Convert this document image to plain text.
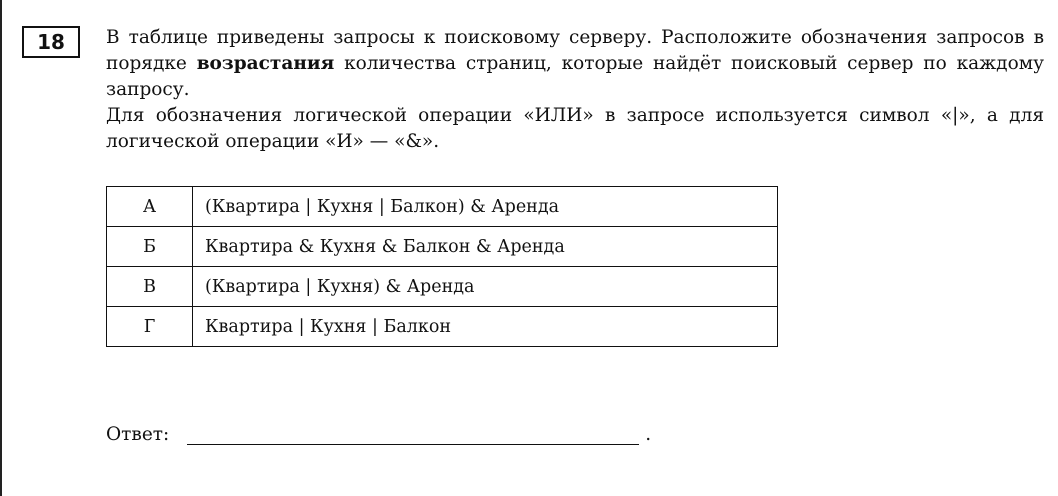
18 В таблице приведены запросы к поисковому серверу. Расположите обозначения запросов в порядке возрастания количества страниц, которые найдёт поисковый сервер по каждому запросу.

Для обозначения логической операции «ИЛИ» в запросе используется символ «|», а для логической операции «И» — «&».

А	(Квартира | Кухня | Балкон) & Аренда
Б	Квартира & Кухня & Балкон & Аренда
В	(Квартира | Кухня) & Аренда
Г	Квартира | Кухня | Балкон
Ответ:	.
